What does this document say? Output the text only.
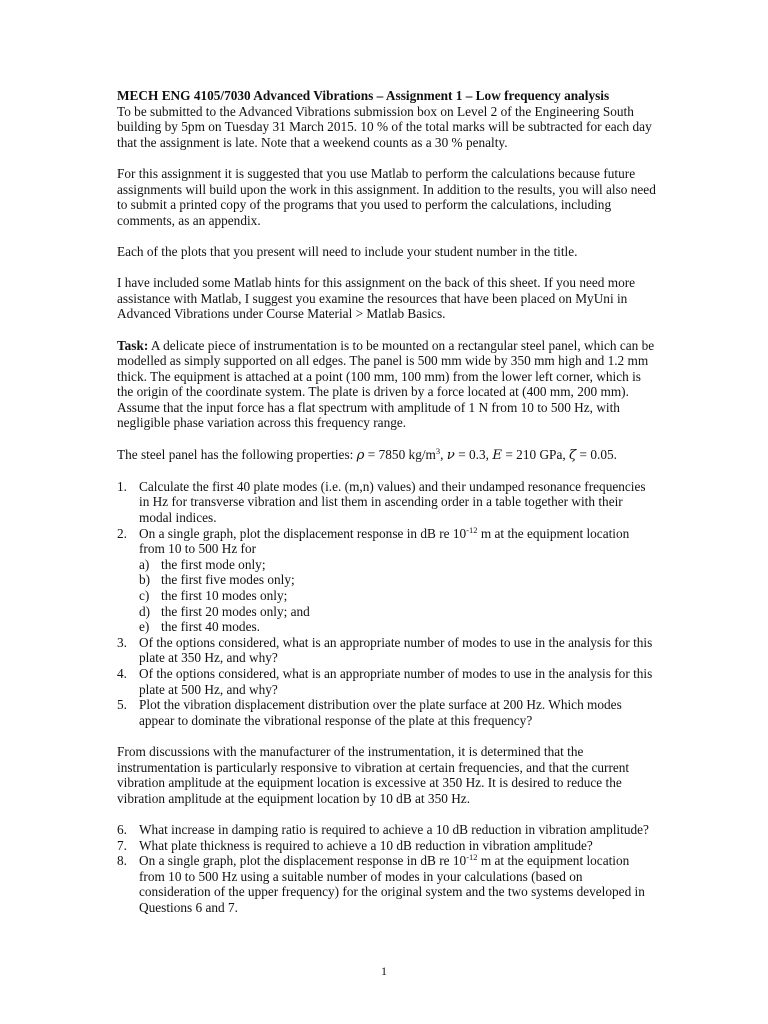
MECH ENG 4105/7030 Advanced Vibrations – Assignment 1 – Low frequency analysis
To be submitted to the Advanced Vibrations submission box on Level 2 of the Engineering South building by 5pm on Tuesday 31 March 2015. 10 % of the total marks will be subtracted for each day that the assignment is late. Note that a weekend counts as a 30 % penalty.

For this assignment it is suggested that you use Matlab to perform the calculations because future assignments will build upon the work in this assignment. In addition to the results, you will also need to submit a printed copy of the programs that you used to perform the calculations, including comments, as an appendix.

Each of the plots that you present will need to include your student number in the title.

I have included some Matlab hints for this assignment on the back of this sheet. If you need more assistance with Matlab, I suggest you examine the resources that have been placed on MyUni in Advanced Vibrations under Course Material > Matlab Basics.

Task: A delicate piece of instrumentation is to be mounted on a rectangular steel panel, which can be modelled as simply supported on all edges. The panel is 500 mm wide by 350 mm high and 1.2 mm thick. The equipment is attached at a point (100 mm, 100 mm) from the lower left corner, which is the origin of the coordinate system. The plate is driven by a force located at (400 mm, 200 mm). Assume that the input force has a flat spectrum with amplitude of 1 N from 10 to 500 Hz, with negligible phase variation across this frequency range.

The steel panel has the following properties: ρ = 7850 $kg/m^3$, ν = 0.3, E = 210 GPa, ζ = 0.05.

1. Calculate the first 40 plate modes (i.e. (m,n) values) and their undamped resonance frequencies in Hz for transverse vibration and list them in ascending order in a table together with their modal indices.
2. On a single graph, plot the displacement response in dB re $10^{-12}$ m at the equipment location from 10 to 500 Hz for
a) the first mode only;
b) the first five modes only;
c) the first 10 modes only;
d) the first 20 modes only; and
e) the first 40 modes.
3. Of the options considered, what is an appropriate number of modes to use in the analysis for this plate at 350 Hz, and why?
4. Of the options considered, what is an appropriate number of modes to use in the analysis for this plate at 500 Hz, and why?
5. Plot the vibration displacement distribution over the plate surface at 200 Hz. Which modes appear to dominate the vibrational response of the plate at this frequency?

From discussions with the manufacturer of the instrumentation, it is determined that the instrumentation is particularly responsive to vibration at certain frequencies, and that the current vibration amplitude at the equipment location is excessive at 350 Hz. It is desired to reduce the vibration amplitude at the equipment location by 10 dB at 350 Hz.

6. What increase in damping ratio is required to achieve a 10 dB reduction in vibration amplitude?
7. What plate thickness is required to achieve a 10 dB reduction in vibration amplitude?
8. On a single graph, plot the displacement response in dB re $10^{-12}$ m at the equipment location from 10 to 500 Hz using a suitable number of modes in your calculations (based on consideration of the upper frequency) for the original system and the two systems developed in Questions 6 and 7.
1
